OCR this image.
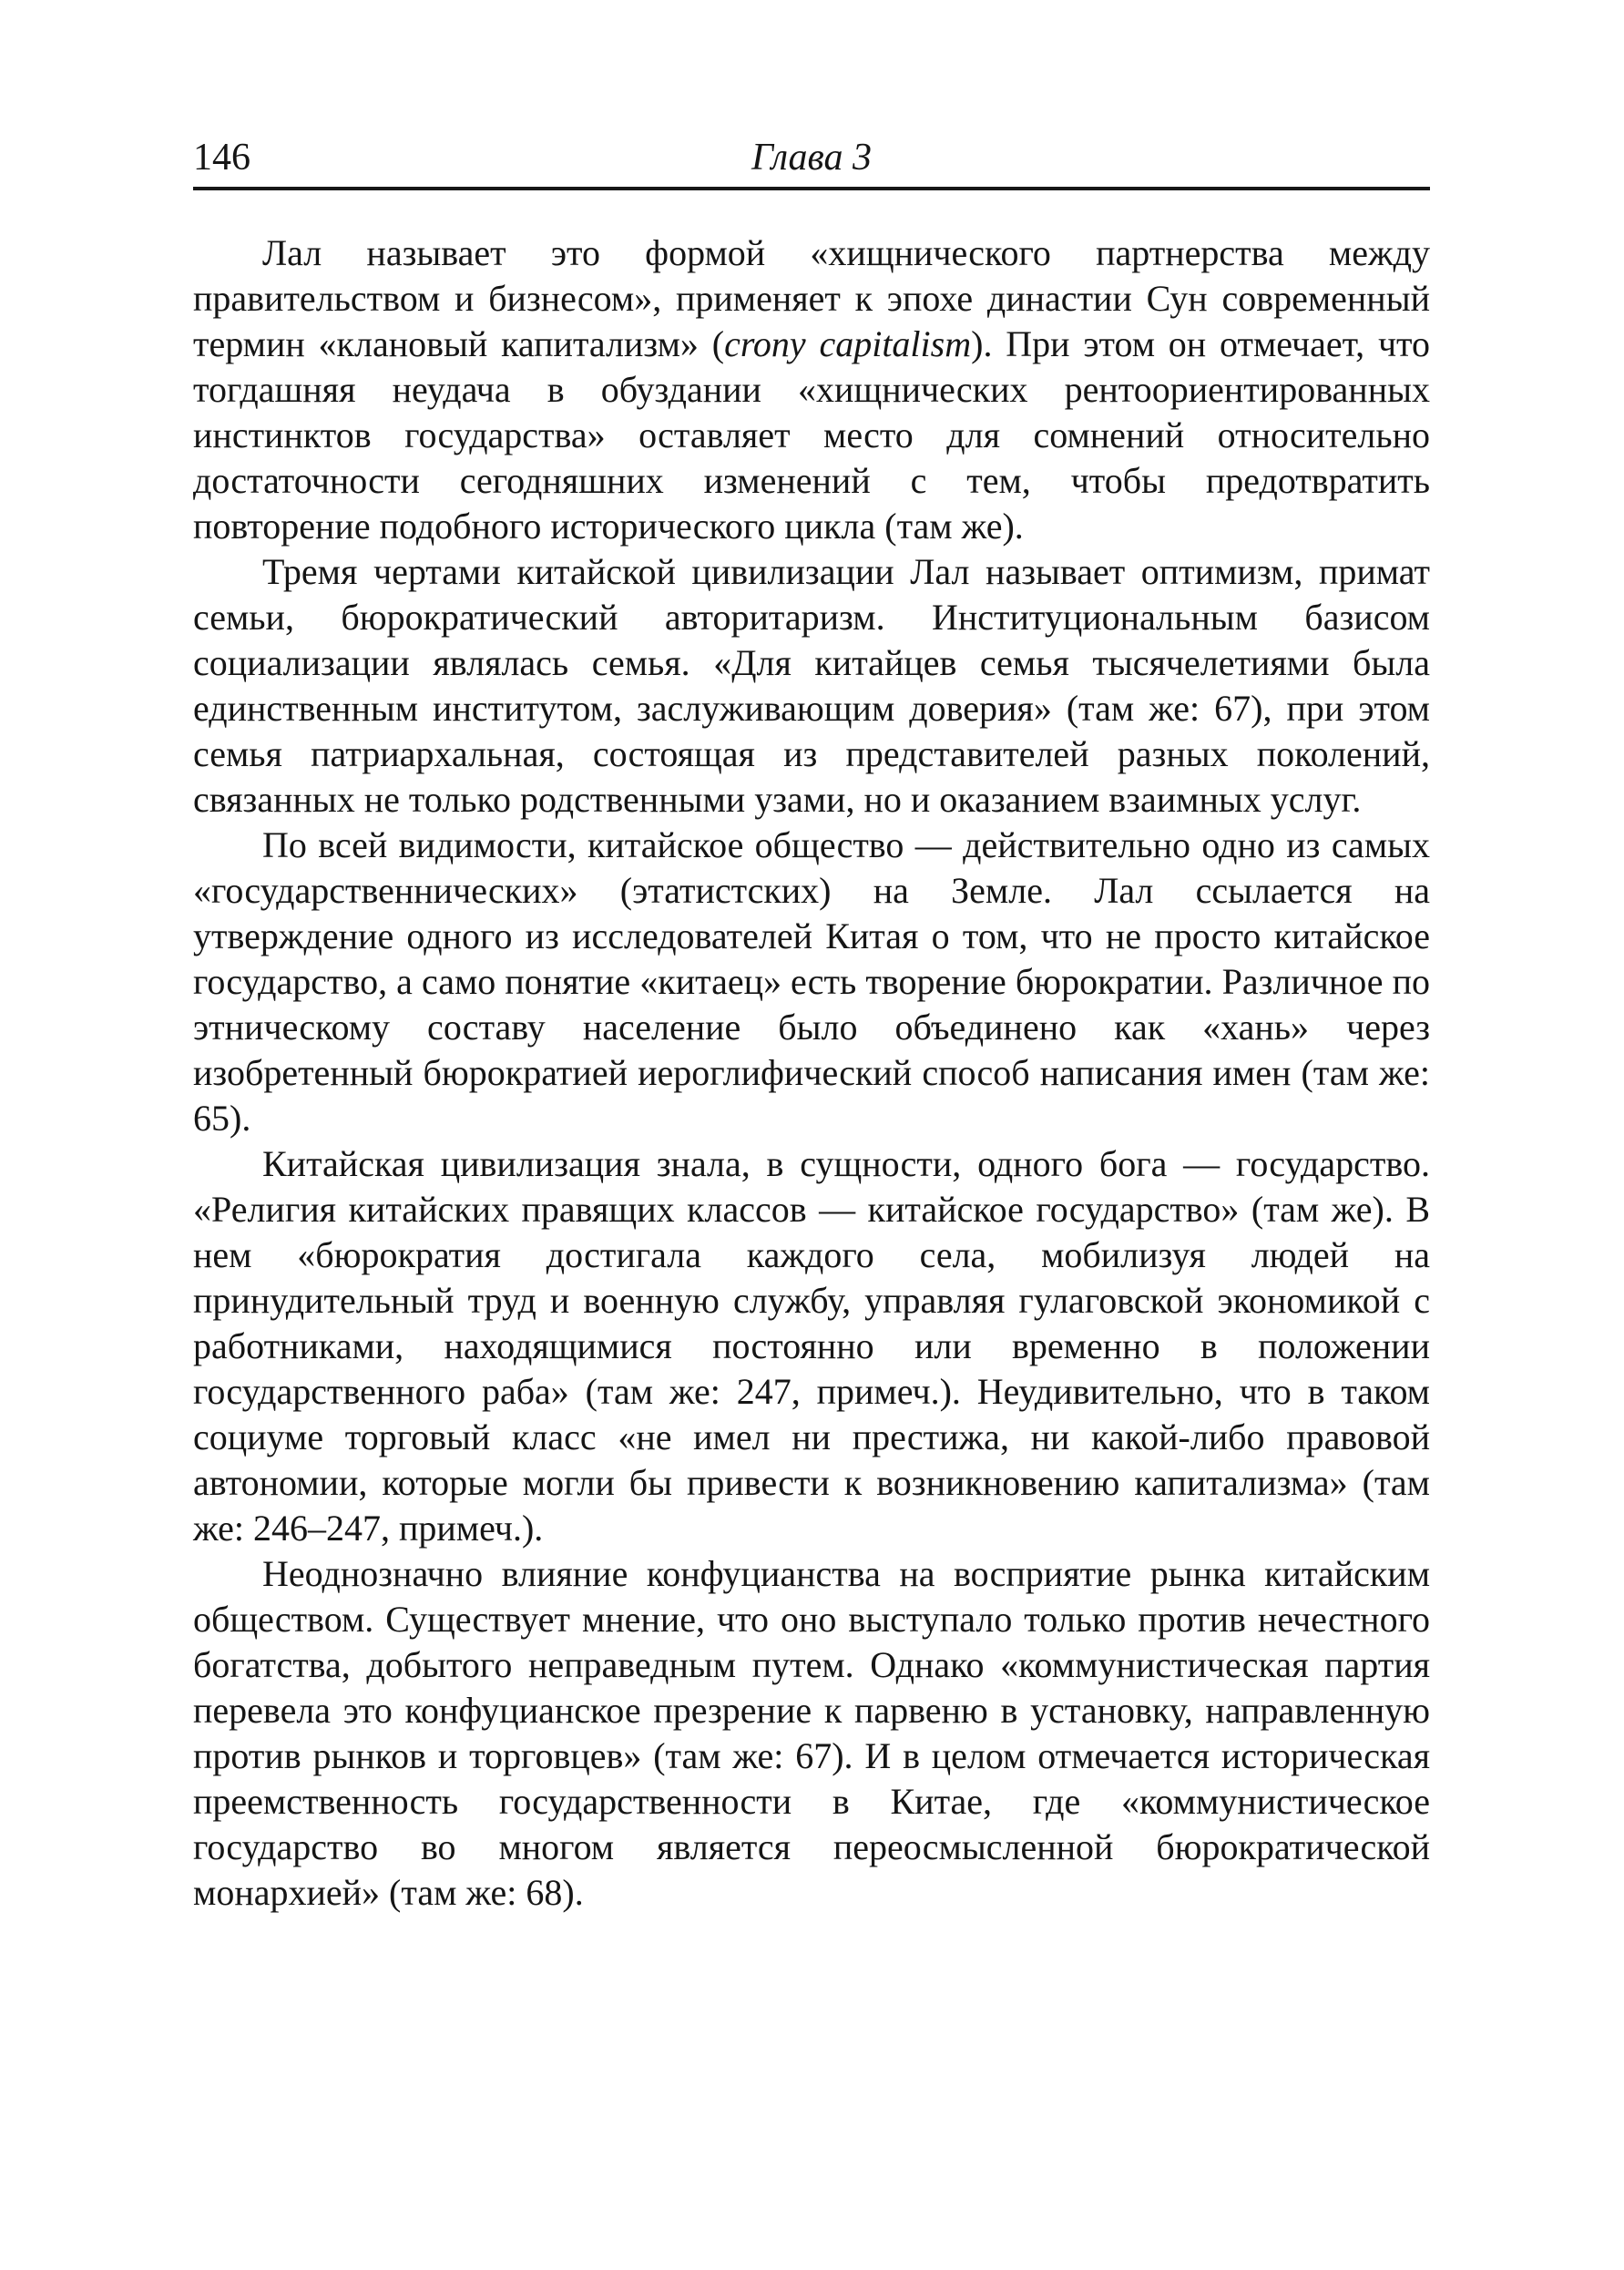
146	Глава 3

Лал называет это формой «хищнического партнерства между правительством и бизнесом», применяет к эпохе династии Сун современный термин «клановый капитализм» (crony capitalism). При этом он отмечает, что тогдашняя неудача в обуздании «хищнических рентоориентированных инстинктов государства» оставляет место для сомнений относительно достаточности сегодняшних изменений с тем, чтобы предотвратить повторение подобного исторического цикла (там же).

Тремя чертами китайской цивилизации Лал называет оптимизм, примат семьи, бюрократический авторитаризм. Институциональным базисом социализации являлась семья. «Для китайцев семья тысячелетиями была единственным институтом, заслуживающим доверия» (там же: 67), при этом семья патриархальная, состоящая из представителей разных поколений, связанных не только родственными узами, но и оказанием взаимных услуг.

По всей видимости, китайское общество — действительно одно из самых «государственнических» (этатистских) на Земле. Лал ссылается на утверждение одного из исследователей Китая о том, что не просто китайское государство, а само понятие «китаец» есть творение бюрократии. Различное по этническому составу население было объединено как «хань» через изобретенный бюрократией иероглифический способ написания имен (там же: 65).

Китайская цивилизация знала, в сущности, одного бога — государство. «Религия китайских правящих классов — китайское государство» (там же). В нем «бюрократия достигала каждого села, мобилизуя людей на принудительный труд и военную службу, управляя гулаговской экономикой с работниками, находящимися постоянно или временно в положении государственного раба» (там же: 247, примеч.). Неудивительно, что в таком социуме торговый класс «не имел ни престижа, ни какой-либо правовой автономии, которые могли бы привести к возникновению капитализма» (там же: 246–247, примеч.).

Неоднозначно влияние конфуцианства на восприятие рынка китайским обществом. Существует мнение, что оно выступало только против нечестного богатства, добытого неправедным путем. Однако «коммунистическая партия перевела это конфуцианское презрение к парвеню в установку, направленную против рынков и торговцев» (там же: 67). И в целом отмечается историческая преемственность государственности в Китае, где «коммунистическое государство во многом является переосмысленной бюрократической монархией» (там же: 68).
